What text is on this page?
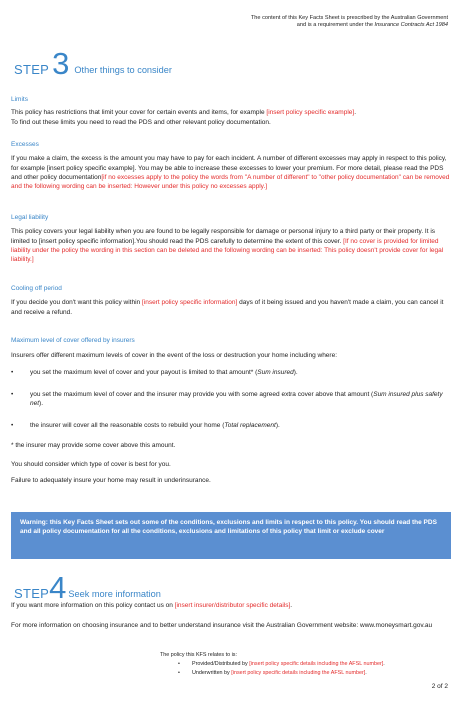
The content of this Key Facts Sheet is prescribed by the Australian Government
and is a requirement under the Insurance Contracts Act 1984
STEP 3 Other things to consider

Limits

This policy has restrictions that limit your cover for certain events and items, for example [insert policy specific example].

To find out these limits you need to read the PDS and other relevant policy documentation.

Excesses

If you make a claim, the excess is the amount you may have to pay for each incident. A number of different excesses may apply in respect to this policy, for example [insert policy specific example]. You may be able to increase these excesses to lower your premium. For more detail, please read the PDS and other policy documentation[if no excesses apply to the policy the words from "A number of different" to "other policy documentation" can be removed and the following wording can be inserted: However under this policy no excesses apply.]

Legal liability

This policy covers your legal liability when you are found to be legally responsible for damage or personal injury to a third party or their property. It is limited to [insert policy specific information].You should read the PDS carefully to determine the extent of this cover. [If no cover is provided for limited liability under the policy the wording in this section can be deleted and the following wording can be inserted: This policy doesn't provide cover for legal liability.]

Cooling off period

If you decide you don't want this policy within [insert policy specific information] days of it being issued and you haven't made a claim, you can cancel it and receive a refund.

Maximum level of cover offered by insurers

Insurers offer different maximum levels of cover in the event of the loss or destruction your home including where:

•	you set the maximum level of cover and your payout is limited to that amount* (Sum insured).
•	you set the maximum level of cover and the insurer may provide you with some agreed extra cover above that amount (Sum insured plus safety net).
•	the insurer will cover all the reasonable costs to rebuild your home (Total replacement).

* the insurer may provide some cover above this amount.

You should consider which type of cover is best for you.

Failure to adequately insure your home may result in underinsurance.

Warning: this Key Facts Sheet sets out some of the conditions, exclusions and limits in respect to this policy. You should read the PDS and all policy documentation for all the conditions, exclusions and limitations of this policy that limit or exclude cover
STEP 4 Seek more information

If you want more information on this policy contact us on [insert insurer/distributor specific details].

For more information on choosing insurance and to better understand insurance visit the Australian Government website: www.moneysmart.gov.au

The policy this KFS relates to is:
•	Provided/Distributed by [insert policy specific details including the AFSL number].
•	Underwritten by [insert policy specific details including the AFSL number].
2 of 2
